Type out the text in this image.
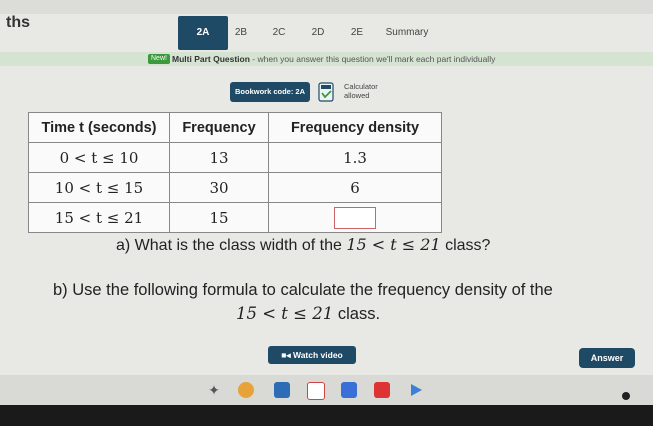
ths
2A	2B	2C	2D	2E	Summary
New! Multi Part Question - when you answer this question we'll mark each part individually
Bookwork code: 2A
Calculator
allowed
Time t (seconds)	Frequency	Frequency density
0 < t ≤ 10	13	1.3
10 < t ≤ 15	30	6
15 < t ≤ 21	15	
a) What is the class width of the 15 < t ≤ 21 class?
b) Use the following formula to calculate the frequency density of the
15 < t ≤ 21 class.
■◂ Watch video	Answer
✦
